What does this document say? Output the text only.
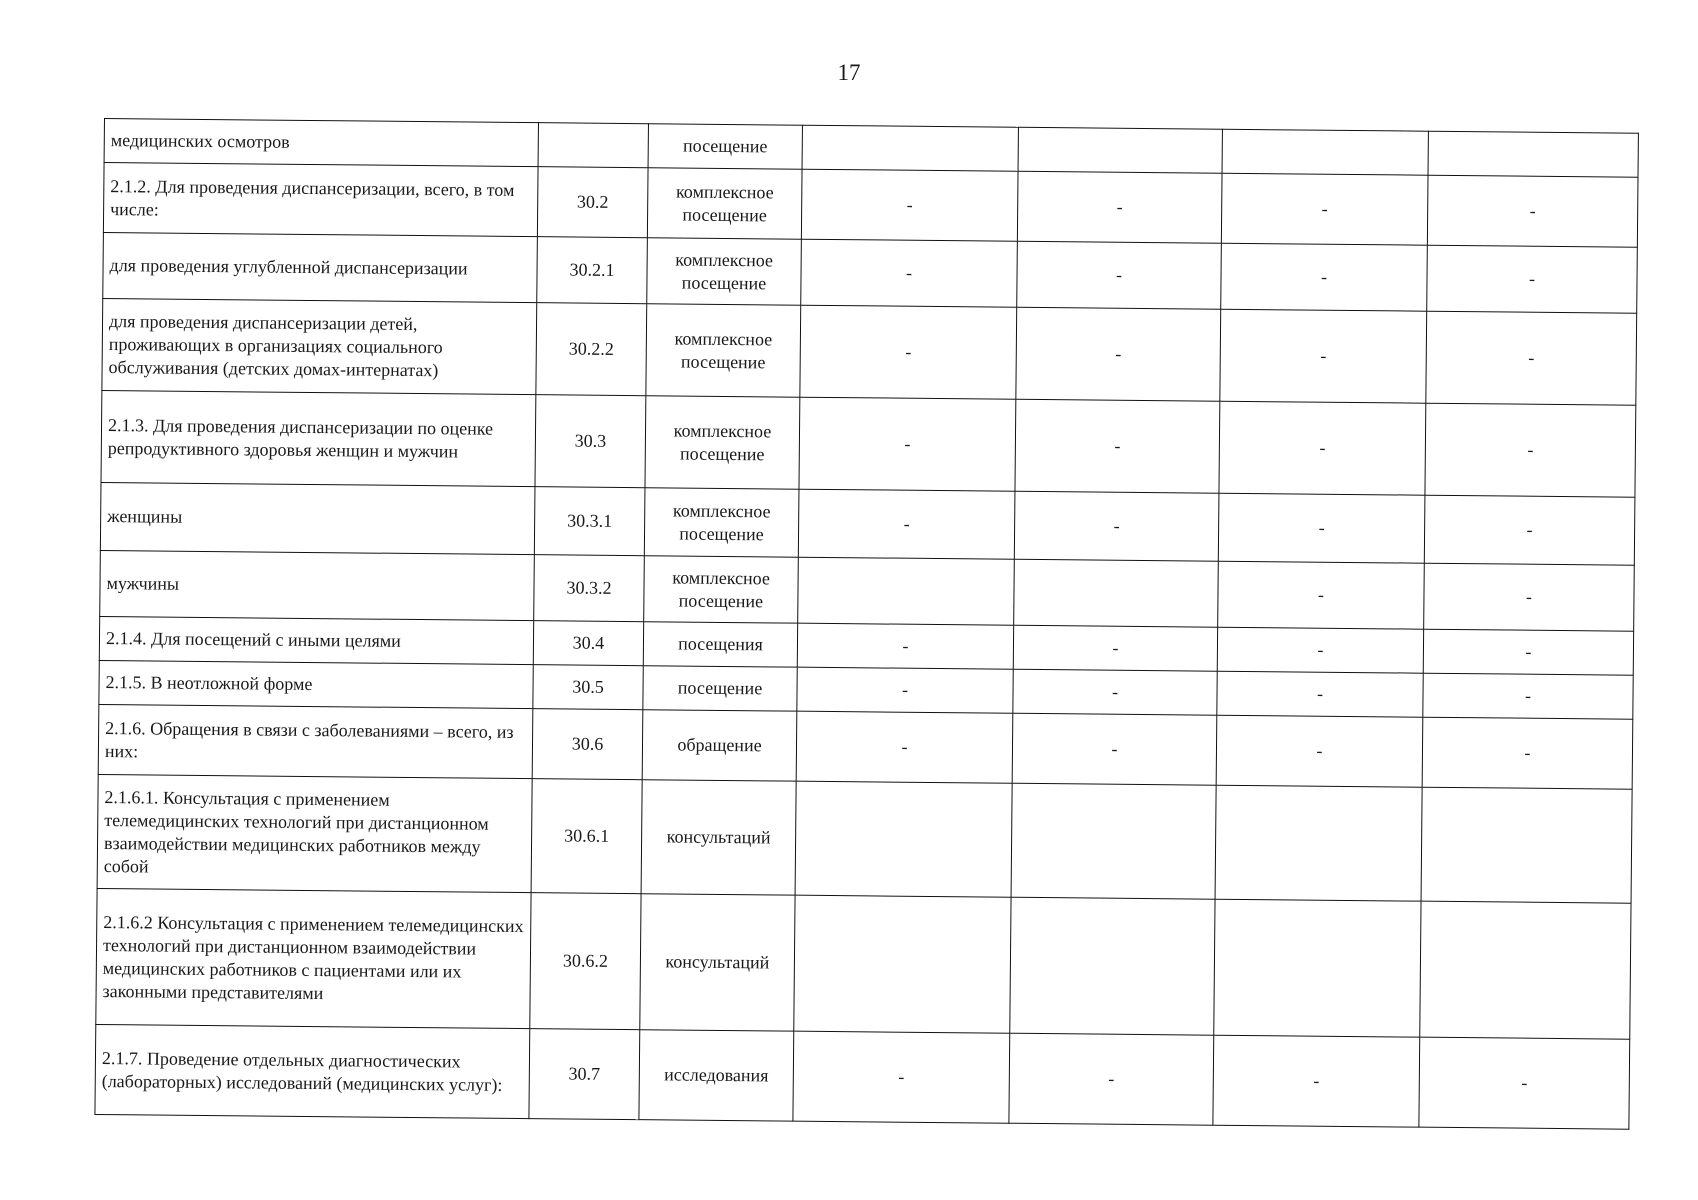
17
медицинских осмотров		посещение				
2.1.2. Для проведения диспансеризации, всего, в том числе:	30.2	комплексное посещение	-	-	-	-
для проведения углубленной диспансеризации	30.2.1	комплексное посещение	-	-	-	-
для проведения диспансеризации детей, проживающих в организациях социального обслуживания (детских домах-интернатах)	30.2.2	комплексное посещение	-	-	-	-
2.1.3. Для проведения диспансеризации по оценке репродуктивного здоровья женщин и мужчин	30.3	комплексное посещение	-	-	-	-
женщины	30.3.1	комплексное посещение	-	-	-	-
мужчины	30.3.2	комплексное посещение			-	-
2.1.4. Для посещений с иными целями	30.4	посещения	-	-	-	-
2.1.5. В неотложной форме	30.5	посещение	-	-	-	-
2.1.6. Обращения в связи с заболеваниями – всего, из них:	30.6	обращение	-	-	-	-
2.1.6.1. Консультация с применением телемедицинских технологий при дистанционном взаимодействии медицинских работников между собой	30.6.1	консультаций				
2.1.6.2 Консультация с применением телемедицинских технологий при дистанционном взаимодействии медицинских работников с пациентами или их законными представителями	30.6.2	консультаций				
2.1.7. Проведение отдельных диагностических (лабораторных) исследований (медицинских услуг):	30.7	исследования	-	-	-	-
